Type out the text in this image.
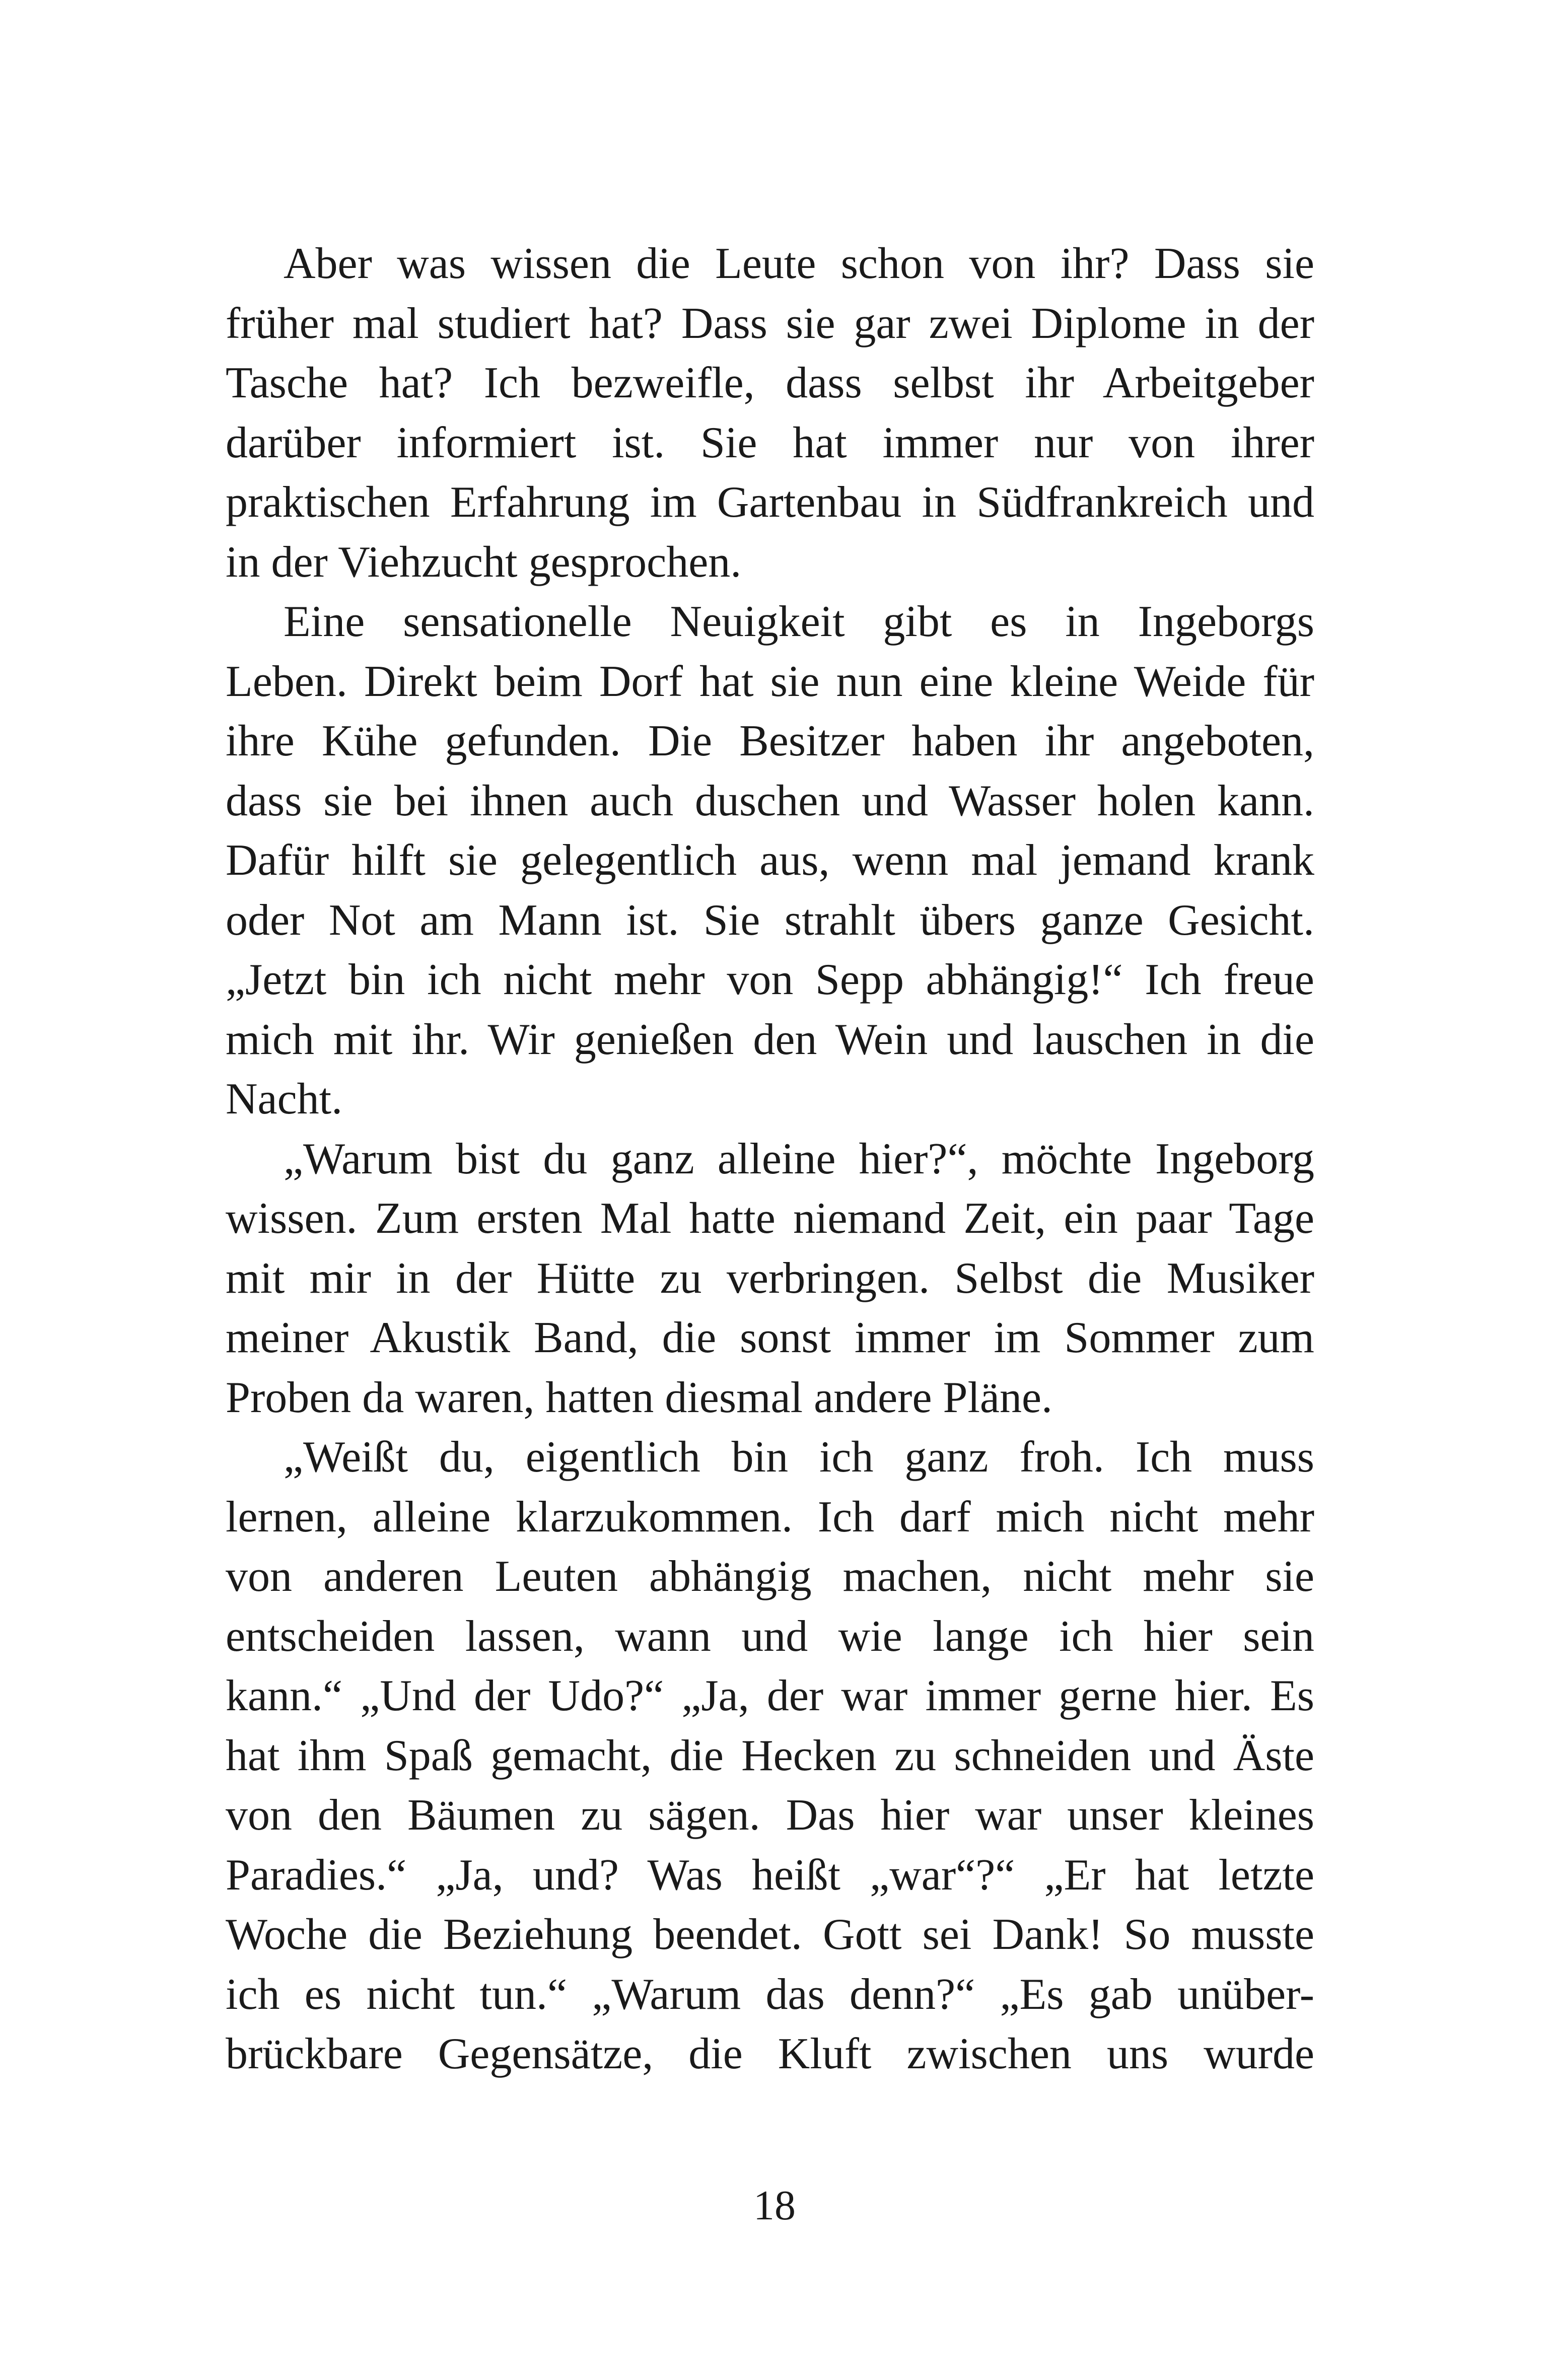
Aber was wissen die Leute schon von ihr? Dass sie
früher mal studiert hat? Dass sie gar zwei Diplome in der
Tasche hat? Ich bezweifle, dass selbst ihr Arbeitgeber
darüber informiert ist. Sie hat immer nur von ihrer
praktischen Erfahrung im Gartenbau in Südfrankreich und
in der Viehzucht gesprochen.
Eine sensationelle Neuigkeit gibt es in Ingeborgs
Leben. Direkt beim Dorf hat sie nun eine kleine Weide für
ihre Kühe gefunden. Die Besitzer haben ihr angeboten,
dass sie bei ihnen auch duschen und Wasser holen kann.
Dafür hilft sie gelegentlich aus, wenn mal jemand krank
oder Not am Mann ist. Sie strahlt übers ganze Gesicht.
„Jetzt bin ich nicht mehr von Sepp abhängig!“ Ich freue
mich mit ihr. Wir genießen den Wein und lauschen in die
Nacht.
„Warum bist du ganz alleine hier?“, möchte Ingeborg
wissen. Zum ersten Mal hatte niemand Zeit, ein paar Tage
mit mir in der Hütte zu verbringen. Selbst die Musiker
meiner Akustik Band, die sonst immer im Sommer zum
Proben da waren, hatten diesmal andere Pläne.
„Weißt du, eigentlich bin ich ganz froh. Ich muss
lernen, alleine klarzukommen. Ich darf mich nicht mehr
von anderen Leuten abhängig machen, nicht mehr sie
entscheiden lassen, wann und wie lange ich hier sein
kann.“ „Und der Udo?“ „Ja, der war immer gerne hier. Es
hat ihm Spaß gemacht, die Hecken zu schneiden und Äste
von den Bäumen zu sägen. Das hier war unser kleines
Paradies.“ „Ja, und? Was heißt „war“?“ „Er hat letzte
Woche die Beziehung beendet. Gott sei Dank! So musste
ich es nicht tun.“ „Warum das denn?“ „Es gab unüber-
brückbare Gegensätze, die Kluft zwischen uns wurde
18
